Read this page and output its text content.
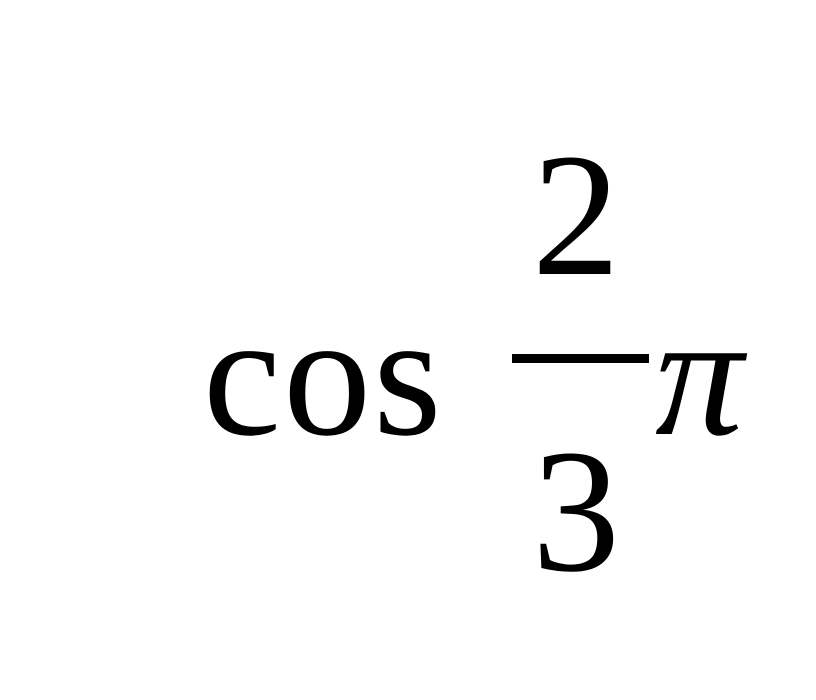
cos
2
3
π
